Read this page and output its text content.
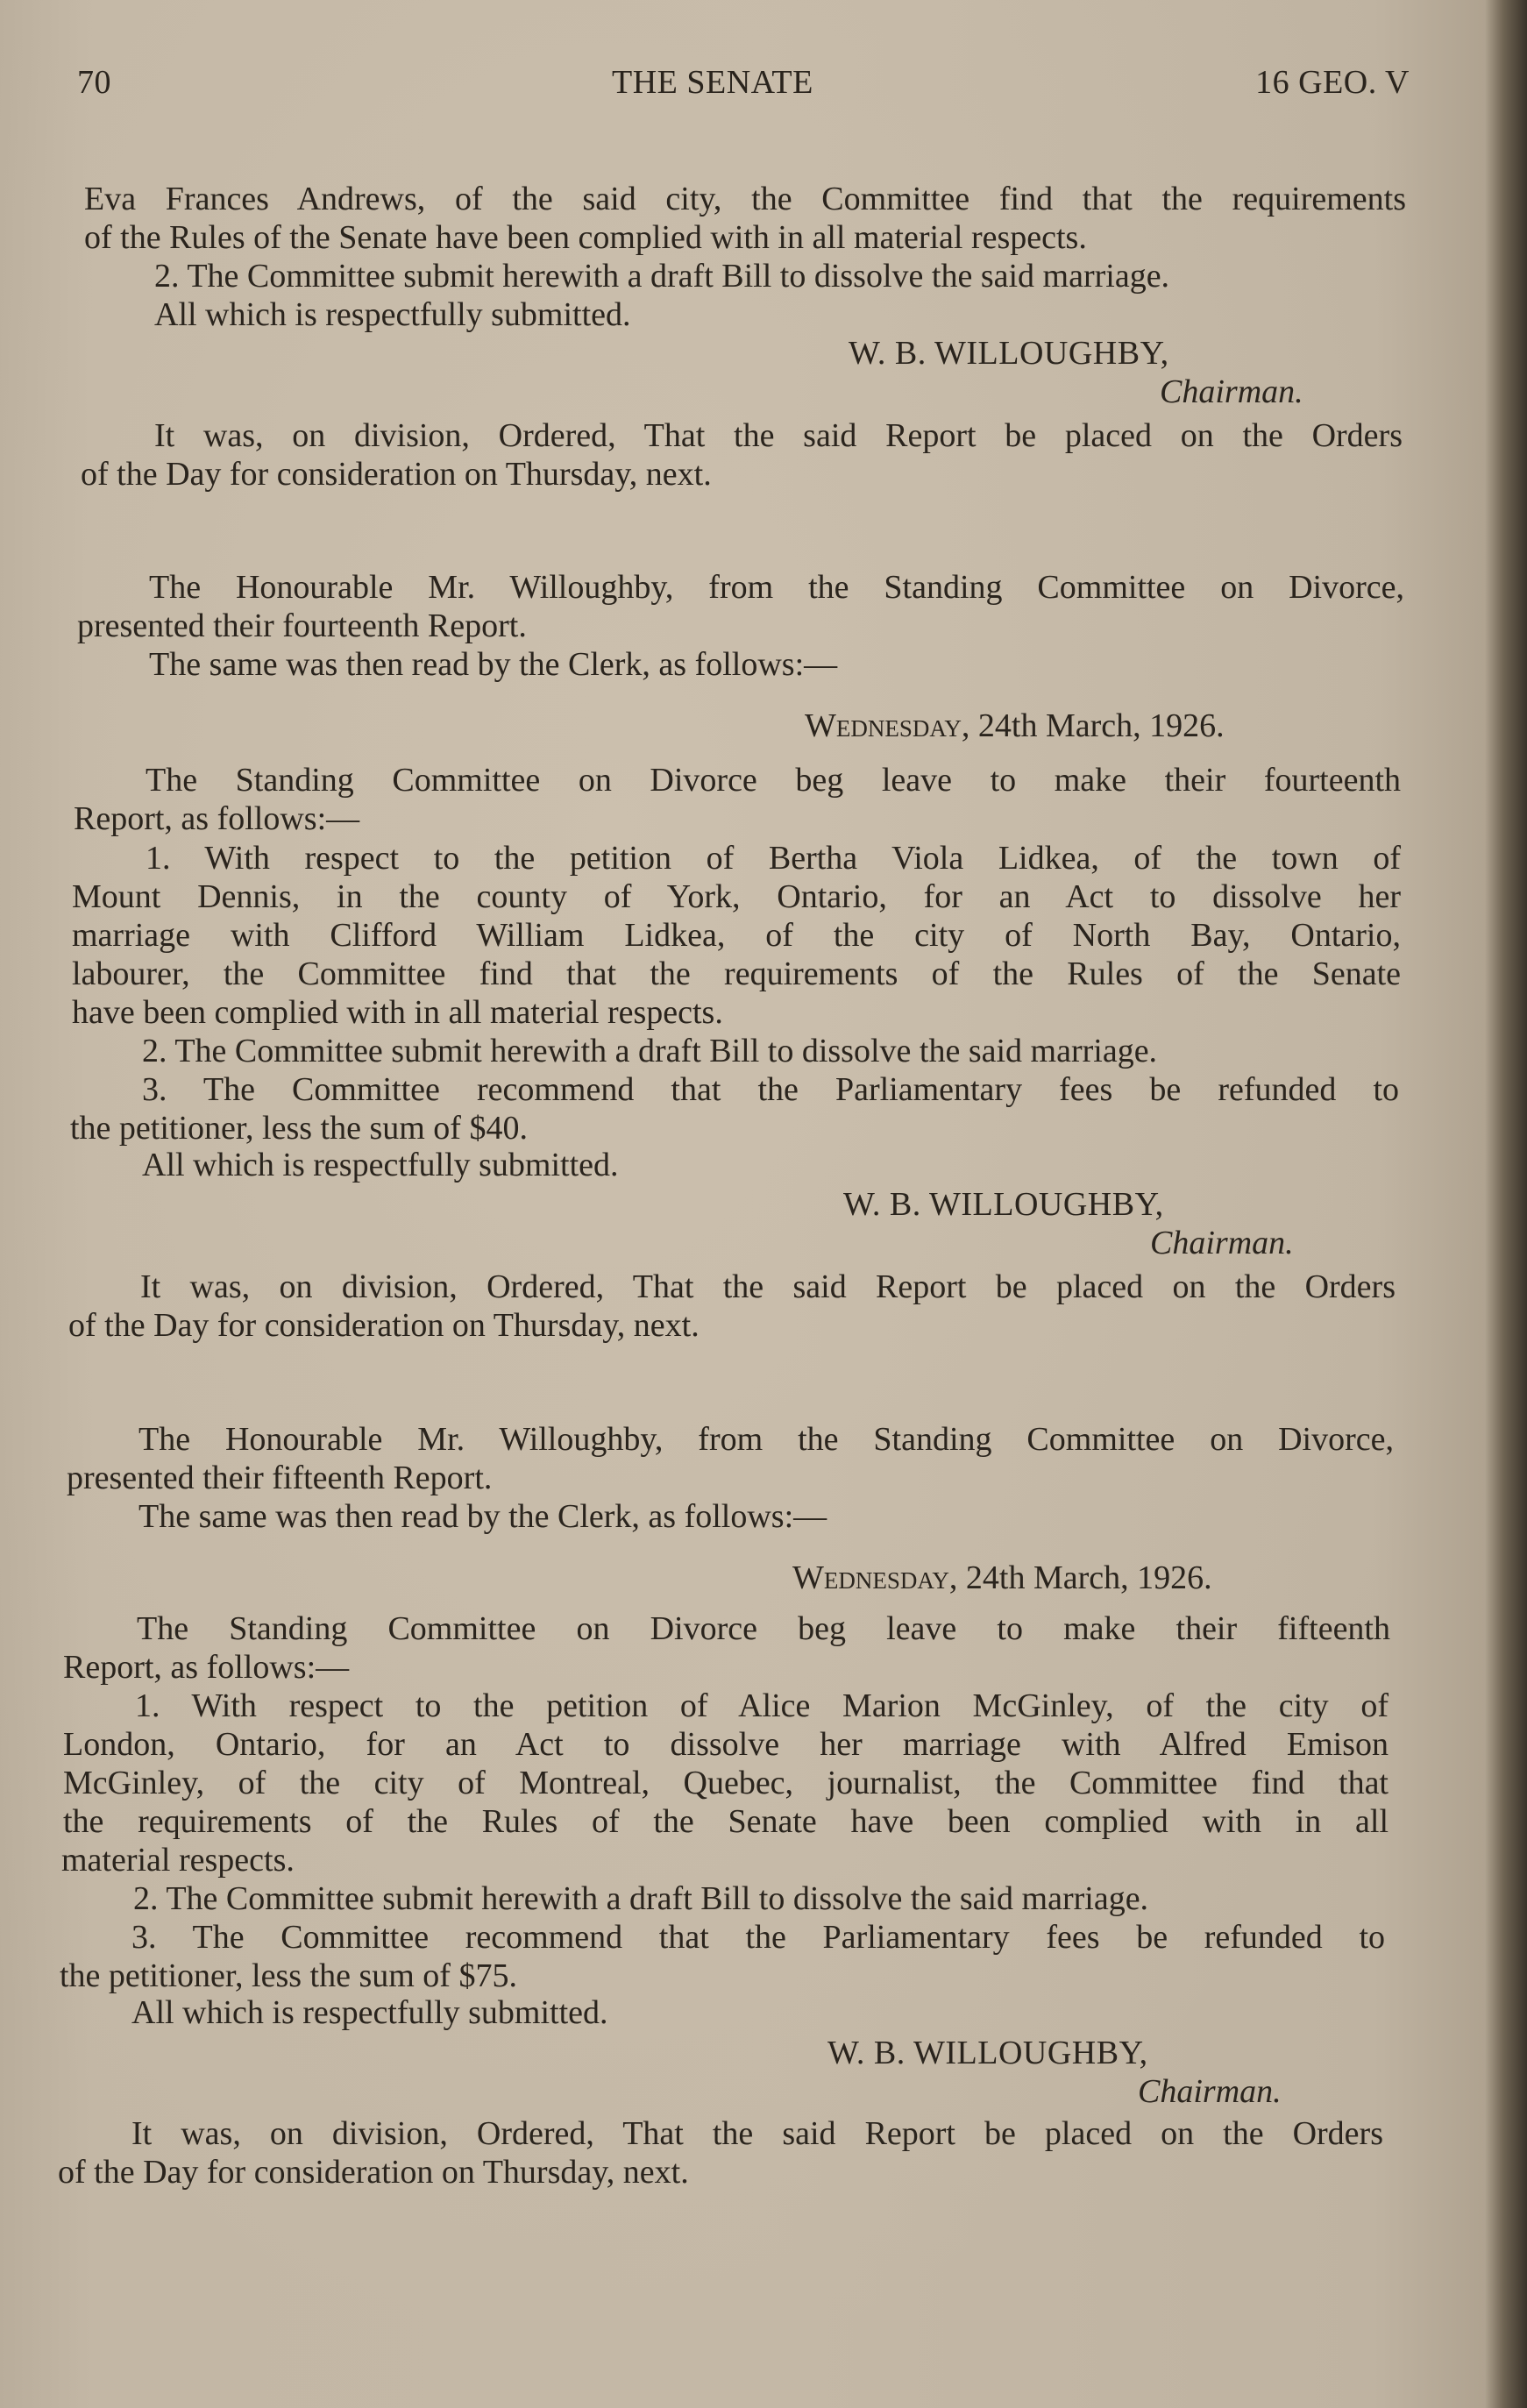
70	THE SENATE	16 GEO. V
Eva Frances Andrews, of the said city, the Committee find that the requirements
of the Rules of the Senate have been complied with in all material respects.
2. The Committee submit herewith a draft Bill to dissolve the said marriage.
All which is respectfully submitted.
W. B. WILLOUGHBY,
Chairman.
It was, on division, Ordered, That the said Report be placed on the Orders
of the Day for consideration on Thursday, next.
The Honourable Mr. Willoughby, from the Standing Committee on Divorce,
presented their fourteenth Report.
The same was then read by the Clerk, as follows:—
Wednesday, 24th March, 1926.
The Standing Committee on Divorce beg leave to make their fourteenth
Report, as follows:—
1. With respect to the petition of Bertha Viola Lidkea, of the town of
Mount Dennis, in the county of York, Ontario, for an Act to dissolve her
marriage with Clifford William Lidkea, of the city of North Bay, Ontario,
labourer, the Committee find that the requirements of the Rules of the Senate
have been complied with in all material respects.
2. The Committee submit herewith a draft Bill to dissolve the said marriage.
3. The Committee recommend that the Parliamentary fees be refunded to
the petitioner, less the sum of $40.
All which is respectfully submitted.
W. B. WILLOUGHBY,
Chairman.
It was, on division, Ordered, That the said Report be placed on the Orders
of the Day for consideration on Thursday, next.
The Honourable Mr. Willoughby, from the Standing Committee on Divorce,
presented their fifteenth Report.
The same was then read by the Clerk, as follows:—
Wednesday, 24th March, 1926.
The Standing Committee on Divorce beg leave to make their fifteenth
Report, as follows:—
1. With respect to the petition of Alice Marion McGinley, of the city of
London, Ontario, for an Act to dissolve her marriage with Alfred Emison
McGinley, of the city of Montreal, Quebec, journalist, the Committee find that
the requirements of the Rules of the Senate have been complied with in all
material respects.
2. The Committee submit herewith a draft Bill to dissolve the said marriage.
3. The Committee recommend that the Parliamentary fees be refunded to
the petitioner, less the sum of $75.
All which is respectfully submitted.
W. B. WILLOUGHBY,
Chairman.
It was, on division, Ordered, That the said Report be placed on the Orders
of the Day for consideration on Thursday, next.
